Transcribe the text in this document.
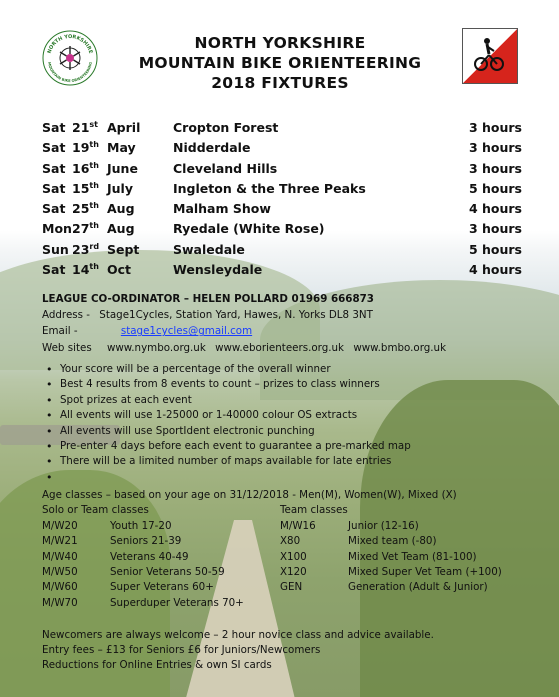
NORTH YORKSHIRE
MOUNTAIN BIKE ORIENTEERING
NORTH YORKSHIRE
MOUNTAIN BIKE ORIENTEERING
2018 FIXTURES
Sat 21st April	Cropton Forest	3 hours
Sat 19th May	Nidderdale	3 hours
Sat 16th June	Cleveland Hills	3 hours
Sat 15th July	Ingleton & the Three Peaks	5 hours
Sat 25th Aug	Malham Show	4 hours
Mon 27th Aug	Ryedale (White Rose)	3 hours
Sun 23rd Sept	Swaledale	5 hours
Sat 14th Oct	Wensleydale	4 hours
LEAGUE CO-ORDINATOR – HELEN POLLARD 01969 666873
Address - Stage1Cycles, Station Yard, Hawes, N. Yorks DL8 3NT
Email -	stage1cycles@gmail.com
Web sites www.nymbo.org.uk www.eborienteers.org.uk www.bmbo.org.uk
• Your score will be a percentage of the overall winner
• Best 4 results from 8 events to count – prizes to class winners
• Spot prizes at each event
• All events will use 1-25000 or 1-40000 colour OS extracts
• All events will use SportIdent electronic punching
• Pre-enter 4 days before each event to guarantee a pre-marked map
• There will be a limited number of maps available for late entries
Age classes – based on your age on 31/12/2018 - Men(M), Women(W), Mixed (X)
Solo or Team classes	Team classes
M/W20	Youth 17-20	M/W16	Junior (12-16)
M/W21	Seniors 21-39	X80	Mixed team (-80)
M/W40	Veterans 40-49	X100	Mixed Vet Team (81-100)
M/W50	Senior Veterans 50-59	X120	Mixed Super Vet Team (+100)
M/W60	Super Veterans 60+	GEN	Generation (Adult & Junior)
M/W70	Superduper Veterans 70+
Newcomers are always welcome – 2 hour novice class and advice available.
Entry fees – £13 for Seniors £6 for Juniors/Newcomers
Reductions for Online Entries & own SI cards
